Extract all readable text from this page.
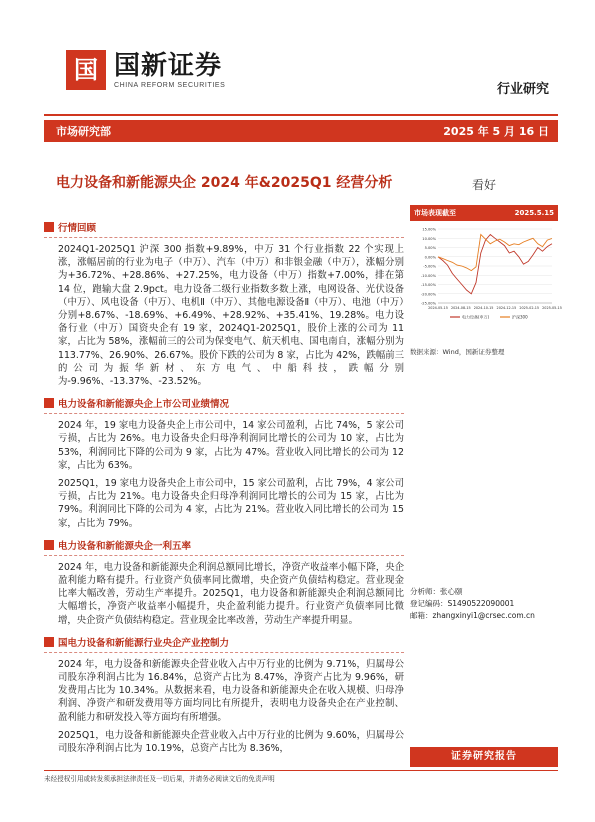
国 国新证券
CHINA REFORM SECURITIES	行业研究
市场研究部	2025 年 5 月 16 日
电力设备和新能源央企 2024 年&2025Q1 经营分析	看好
行情回顾
2024Q1-2025Q1 沪深 300 指数+9.89%，中万 31 个行业指数 22 个实现上涨，涨幅居前的行业为电子（中万）、汽车（中万）和非银金融（中万），涨幅分别为+36.72%、+28.86%、+27.25%，电力设备（中万）指数+7.00%，排在第 14 位，跑输大盘 2.9pct。电力设备二级行业指数多数上涨，电网设备、光伏设备（中万）、风电设备（中万）、电机Ⅱ（中万）、其他电源设备Ⅱ（中万）、电池（中万）分别+8.67%、-18.69%、+6.49%、+28.92%、+35.41%、19.28%。电力设备行业（中万）国资央企有 19 家，2024Q1-2025Q1，股价上涨的公司为 11 家，占比为 58%，涨幅前三的公司为保变电气、航天机电、国电南自，涨幅分别为 113.77%、26.90%、26.67%。股价下跌的公司为 8 家，占比为 42%，跌幅前三的公司为振华新材、东方电气、中船科技，跌幅分别为-9.96%、-13.37%、-23.52%。
电力设备和新能源央企上市公司业绩情况
2024 年，19 家电力设备央企上市公司中，14 家公司盈利，占比 74%，5 家公司亏损，占比为 26%。电力设备央企归母净利润同比增长的公司为 10 家，占比为 53%，利润同比下降的公司为 9 家，占比为 47%。营业收入同比增长的公司为 12 家，占比为 63%。
2025Q1，19 家电力设备央企上市公司中，15 家公司盈利，占比 79%，4 家公司亏损，占比为 21%。电力设备央企归母净利润同比增长的公司为 15 家，占比为 79%。利润同比下降的公司为 4 家，占比为 21%。营业收入同比增长的公司为 15 家，占比为 79%。
电力设备和新能源央企一利五率
2024 年，电力设备和新能源央企利润总额同比增长，净资产收益率小幅下降，央企盈利能力略有提升。行业资产负债率同比微增，央企资产负债结构稳定。营业现金比率大幅改善，劳动生产率提升。2025Q1，电力设备和新能源央企利润总额同比大幅增长，净资产收益率小幅提升，央企盈利能力提升。行业资产负债率同比微增，央企资产负债结构稳定。营业现金比率改善，劳动生产率提升明显。
国电力设备和新能源行业央企产业控制力
2024 年，电力设备和新能源央企营业收入占中万行业的比例为 9.71%，归属母公司股东净利润占比为 16.84%，总资产占比为 8.47%，净资产占比为 9.96%，研发费用占比为 10.34%。从数据来看，电力设备和新能源央企在收入规模、归母净利润、净资产和研发费用等方面均同比有所提升，表明电力设备央企在产业控制、盈利能力和研发投入等方面均有所增强。
2025Q1，电力设备和新能源央企营业收入占中万行业的比例为 9.60%，归属母公司股东净利润占比为 10.19%，总资产占比为 8.36%，
市场表现截至	2025.5.15
15.00%
10.00%
5.00%
0.00%
-5.00%
-10.00%
-15.00%
-20.00%
-25.00%
2024-05-15 2024-08-15 2024-10-15 2024-12-15 2025-02-15 2025-05-15
电力设备(申万)	沪深300
数据来源：Wind，国新证券整理
分析师：张心颐
登记编码：S1490522090001
邮箱：zhangxinyi1@crsec.com.cn
证券研究报告
未经授权引用或转发须承担法律责任及一切后果，并请务必阅读文后的免责声明
